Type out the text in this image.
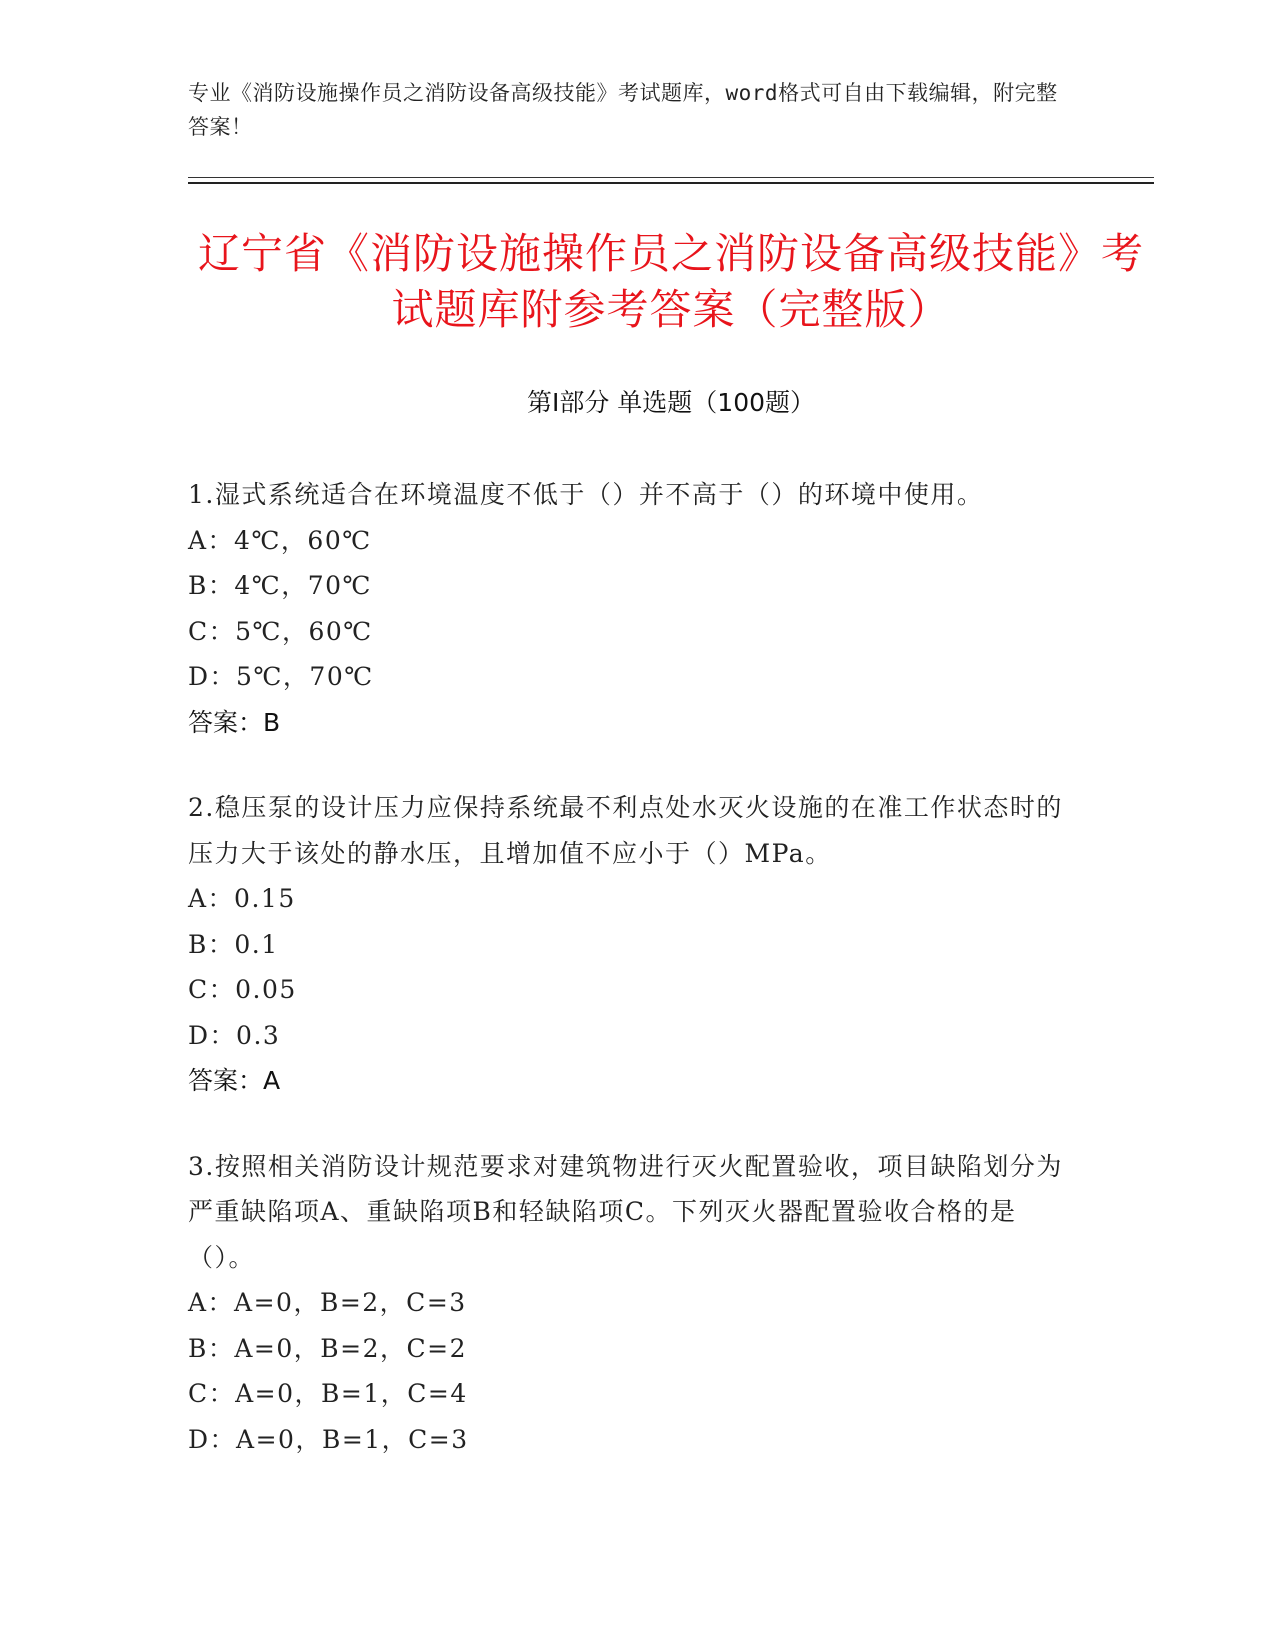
专业《消防设施操作员之消防设备高级技能》考试题库，word格式可自由下载编辑，附完整答案！
辽宁省《消防设施操作员之消防设备高级技能》考试题库附参考答案（完整版）
第Ⅰ部分 单选题（100题）
1.湿式系统适合在环境温度不低于（）并不高于（）的环境中使用。
A：4℃，60℃
B：4℃，70℃
C：5℃，60℃
D：5℃，70℃
答案：B
2.稳压泵的设计压力应保持系统最不利点处水灭火设施的在准工作状态时的压力大于该处的静水压，且增加值不应小于（）MPa。
A：0.15
B：0.1
C：0.05
D：0.3
答案：A
3.按照相关消防设计规范要求对建筑物进行灭火配置验收，项目缺陷划分为严重缺陷项A、重缺陷项B和轻缺陷项C。下列灭火器配置验收合格的是（）。
A：A=0，B=2，C=3
B：A=0，B=2，C=2
C：A=0，B=1，C=4
D：A=0，B=1，C=3
